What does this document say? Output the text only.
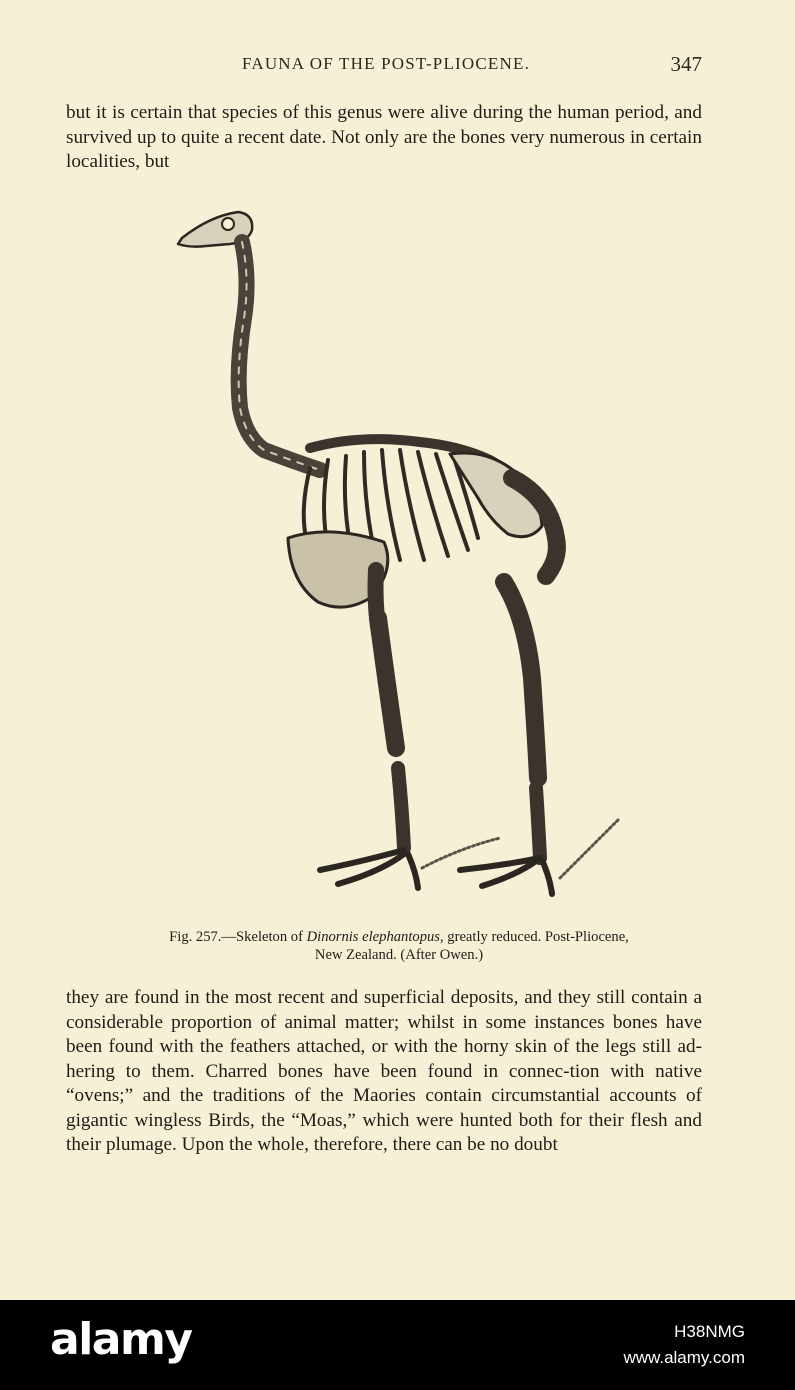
FAUNA OF THE POST-PLIOCENE.	347

but it is certain that species of this genus were alive during the human period, and survived up to quite a recent date. Not only are the bones very numerous in certain localities, but

Fig. 257.—Skeleton of Dinornis elephantopus, greatly reduced. Post-Pliocene,
New Zealand. (After Owen.)

they are found in the most recent and superficial deposits, and they still contain a considerable proportion of animal matter; whilst in some instances bones have been found with the feathers attached, or with the horny skin of the legs still ad-hering to them. Charred bones have been found in connec-tion with native “ovens;” and the traditions of the Maories contain circumstantial accounts of gigantic wingless Birds, the “Moas,” which were hunted both for their flesh and their plumage. Upon the whole, therefore, there can be no doubt

alamy	H38NMG
www.alamy.com
